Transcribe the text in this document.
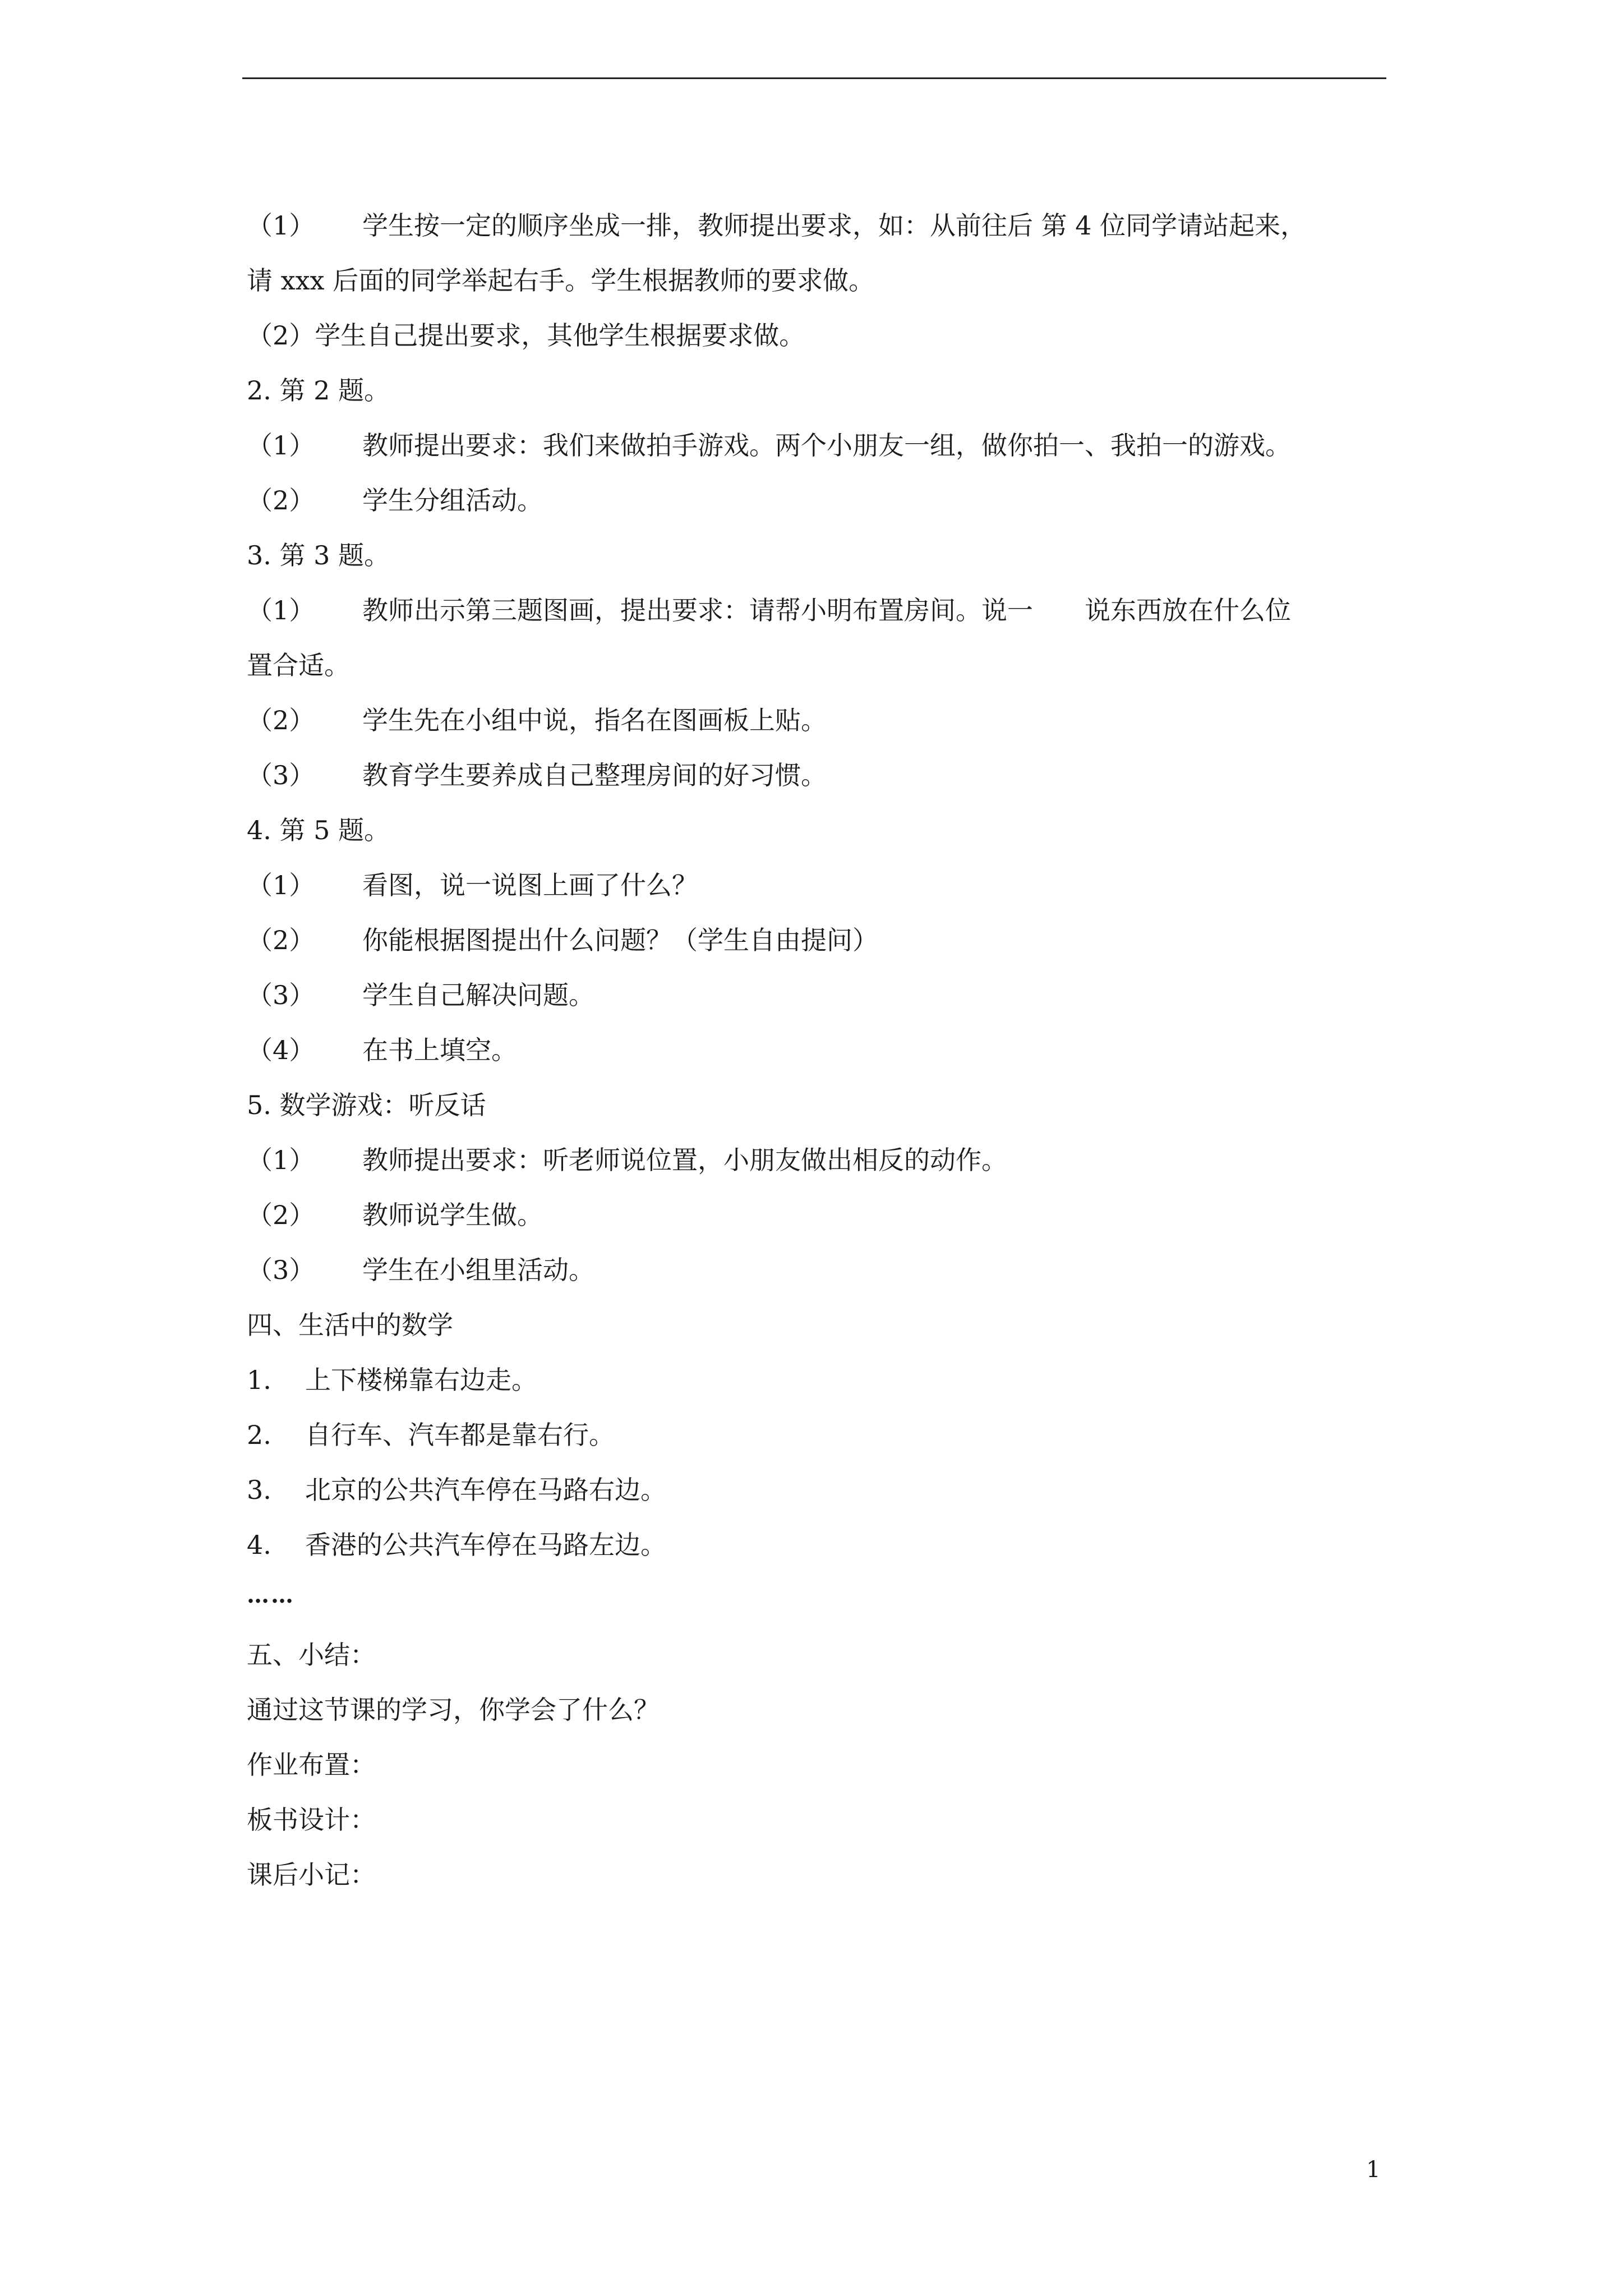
（1） 学生按一定的顺序坐成一排，教师提出要求，如：从前往后 第 4 位同学请站起来，
请 xxx 后面的同学举起右手。学生根据教师的要求做。
（2）学生自己提出要求，其他学生根据要求做。
2. 第 2 题。
（1） 教师提出要求：我们来做拍手游戏。两个小朋友一组，做你拍一、我拍一的游戏。
（2） 学生分组活动。
3. 第 3 题。
（1） 教师出示第三题图画，提出要求：请帮小明布置房间。说一　　说东西放在什么位
置合适。
（2） 学生先在小组中说，指名在图画板上贴。
（3） 教育学生要养成自己整理房间的好习惯。
4. 第 5 题。
（1） 看图，说一说图上画了什么？
（2） 你能根据图提出什么问题？（学生自由提问）
（3） 学生自己解决问题。
（4） 在书上填空。
5. 数学游戏：听反话
（1） 教师提出要求：听老师说位置，小朋友做出相反的动作。
（2） 教师说学生做。
（3） 学生在小组里活动。
四、生活中的数学
1. 上下楼梯靠右边走。
2. 自行车、汽车都是靠右行。
3. 北京的公共汽车停在马路右边。
4. 香港的公共汽车停在马路左边。
……
五、小结：
通过这节课的学习，你学会了什么？
作业布置：
板书设计：
课后小记：
1
